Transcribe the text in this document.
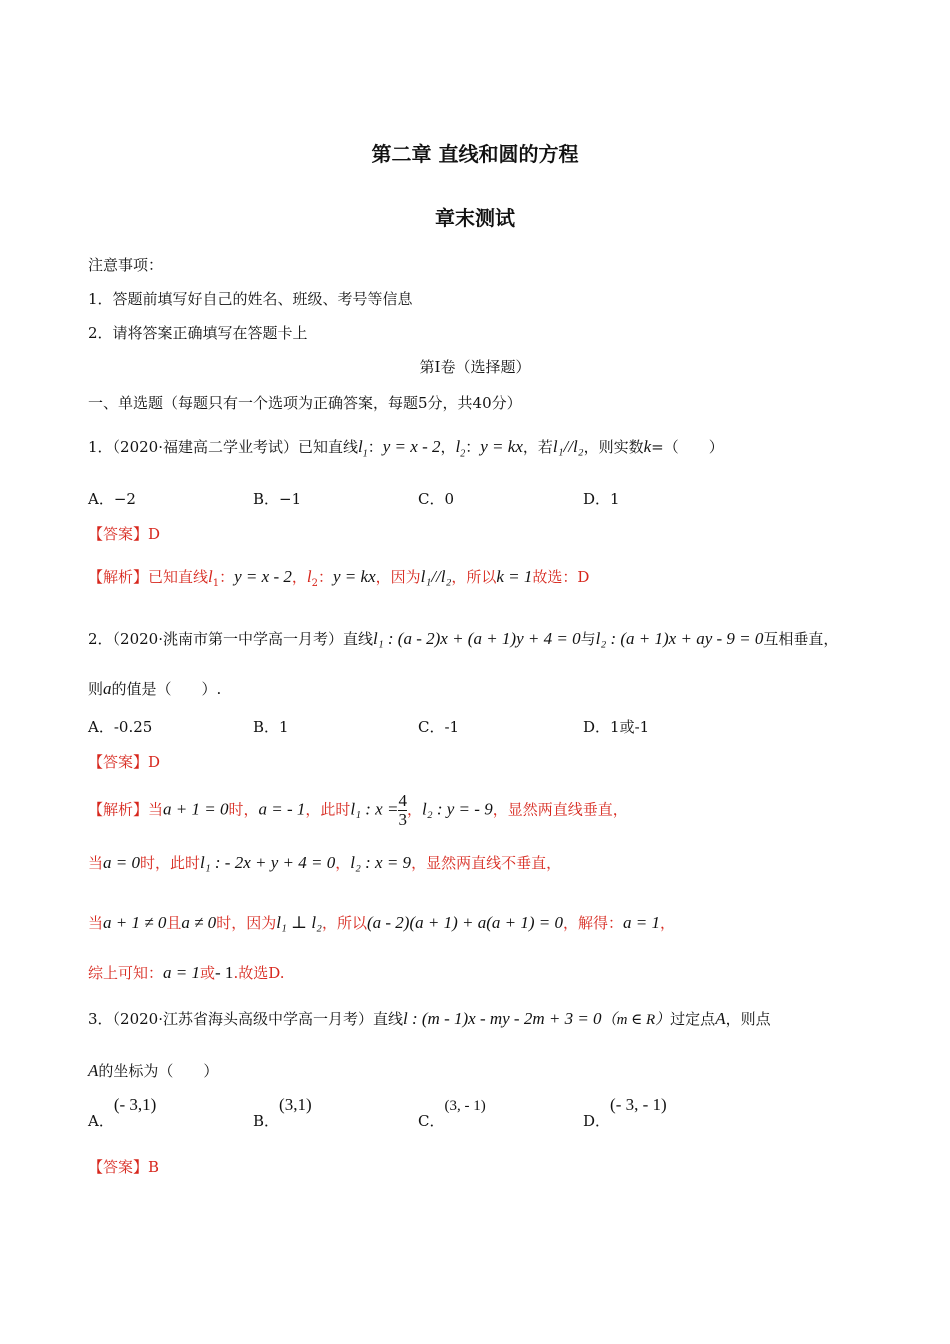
第二章 直线和圆的方程
章末测试
注意事项：
1．答题前填写好自己的姓名、班级、考号等信息
2．请将答案正确填写在答题卡上
第I卷（选择题）
一、单选题（每题只有一个选项为正确答案，每题5分，共40分）
1．（2020·福建高二学业考试）已知直线$l_1$：y = x - 2，$l_2$：y = kx，若l₁//l₂，则实数k=（　　）
A．−2	B．−1	C．0	D．1
【答案】D
【解析】已知直线$l_1$：y = x - 2，$l_2$：y = kx，因为l₁//l₂，所以k = 1故选：D
2．（2020·洮南市第一中学高一月考）直线l₁ : (a - 2)x + (a + 1)y + 4 = 0与l₂ : (a + 1)x + ay - 9 = 0互相垂直，
则a的值是（　　）.
A．-0.25	B．1	C．-1	D．1或-1
【答案】D
【解析】当a + 1 = 0时，a = - 1，此时l₁ : $x = \frac{4}{3}$ ，l₂ : y = - 9，显然两直线垂直，
当a = 0时，此时l₁ : - 2x + y + 4 = 0，l₂ : x = 9，显然两直线不垂直，
当a + 1 ≠ 0且a ≠ 0时，因为l₁ ⊥ l₂，所以(a - 2)(a + 1) + a(a + 1) = 0，解得：a = 1，
综上可知：a = 1或- 1.故选D.
3．（2020·江苏省海头高级中学高一月考）直线l : (m - 1)x - my - 2m + 3 = 0（m ∈ R）过定点A，则点
A的坐标为（　　）
A．(- 3,1)
B．(3,1)
C．(3, - 1)
D．(- 3, - 1)
【答案】B
